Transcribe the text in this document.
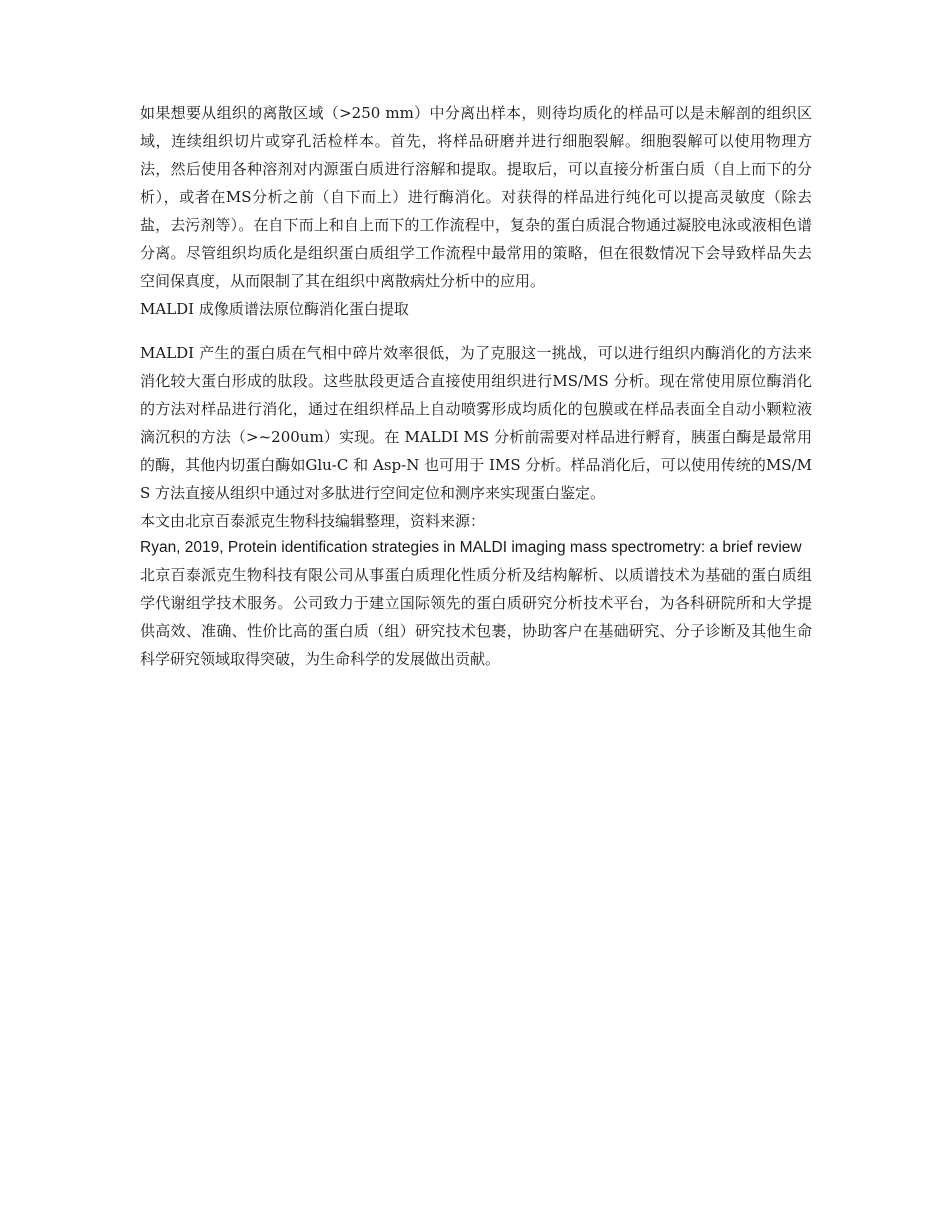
如果想要从组织的离散区域（>250 mm）中分离出样本，则待均质化的样品可以是未解剖的组织区域，连续组织切片或穿孔活检样本。首先，将样品研磨并进行细胞裂解。细胞裂解可以使用物理方法，然后使用各种溶剂对内源蛋白质进行溶解和提取。提取后，可以直接分析蛋白质（自上而下的分析），或者在MS分析之前（自下而上）进行酶消化。对获得的样品进行纯化可以提高灵敏度（除去盐，去污剂等）。在自下而上和自上而下的工作流程中，复杂的蛋白质混合物通过凝胶电泳或液相色谱分离。尽管组织均质化是组织蛋白质组学工作流程中最常用的策略，但在很数情况下会导致样品失去空间保真度，从而限制了其在组织中离散病灶分析中的应用。

MALDI 成像质谱法原位酶消化蛋白提取

MALDI 产生的蛋白质在气相中碎片效率很低，为了克服这一挑战，可以进行组织内酶消化的方法来消化较大蛋白形成的肽段。这些肽段更适合直接使用组织进行MS/MS 分析。现在常使用原位酶消化的方法对样品进行消化，通过在组织样品上自动喷雾形成均质化的包膜或在样品表面全自动小颗粒液滴沉积的方法（>~200um）实现。在 MALDI MS 分析前需要对样品进行孵育，胰蛋白酶是最常用的酶，其他内切蛋白酶如Glu-C 和 Asp-N 也可用于 IMS 分析。样品消化后，可以使用传统的MS/MS 方法直接从组织中通过对多肽进行空间定位和测序来实现蛋白鉴定。

本文由北京百泰派克生物科技编辑整理，资料来源：

Ryan, 2019, Protein identification strategies in MALDI imaging mass spectrometry: a brief review

北京百泰派克生物科技有限公司从事蛋白质理化性质分析及结构解析、以质谱技术为基础的蛋白质组学代谢组学技术服务。公司致力于建立国际领先的蛋白质研究分析技术平台，为各科研院所和大学提供高效、准确、性价比高的蛋白质（组）研究技术包裹，协助客户在基础研究、分子诊断及其他生命科学研究领域取得突破，为生命科学的发展做出贡献。
